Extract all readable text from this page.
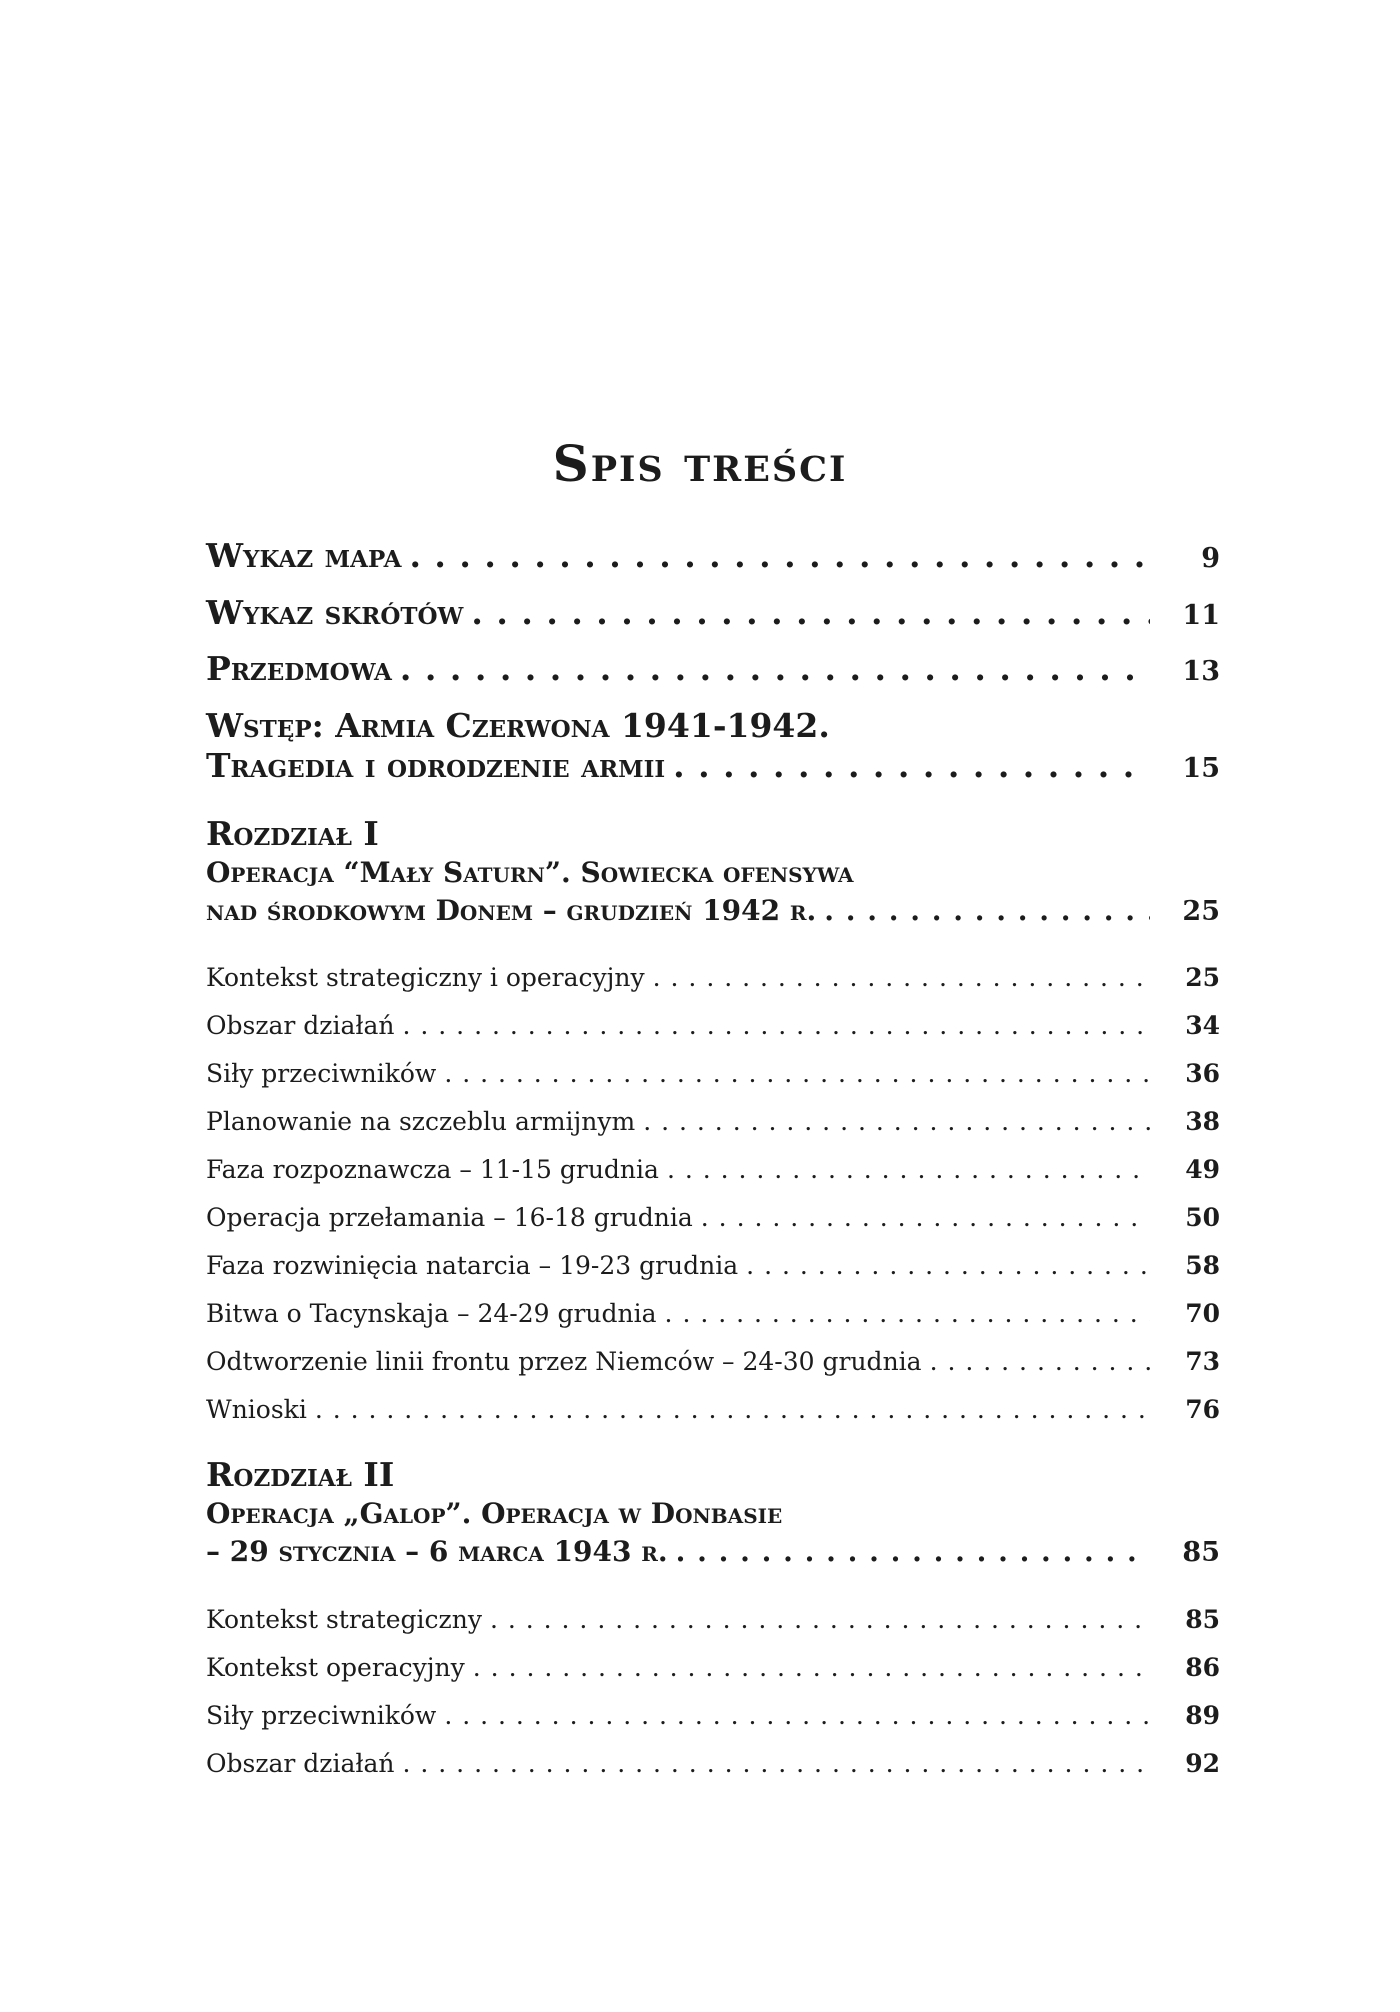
Spis treści
Wykaz mapa . . .	9
Wykaz skrótów . . .	11
Przedmowa . . .	13
Wstęp: Armia Czerwona 1941-1942.
Tragedia i odrodzenie armii . . .	15
Rozdział I
Operacja “Mały Saturn”. Sowiecka ofensywa
nad środkowym Donem – grudzień 1942 r. . . .	25
Kontekst strategiczny i operacyjny . . .	25
Obszar działań . . .	34
Siły przeciwników . . .	36
Planowanie na szczeblu armijnym . . .	38
Faza rozpoznawcza – 11-15 grudnia . . .	49
Operacja przełamania – 16-18 grudnia . . .	50
Faza rozwinięcia natarcia – 19-23 grudnia . . .	58
Bitwa o Tacynskaja – 24-29 grudnia . . .	70
Odtworzenie linii frontu przez Niemców – 24-30 grudnia . . .	73
Wnioski . . .	76
Rozdział II
Operacja „Galop”. Operacja w Donbasie
– 29 stycznia – 6 marca 1943 r. . . .	85
Kontekst strategiczny . . .	85
Kontekst operacyjny . . .	86
Siły przeciwników . . .	89
Obszar działań . . .	92
